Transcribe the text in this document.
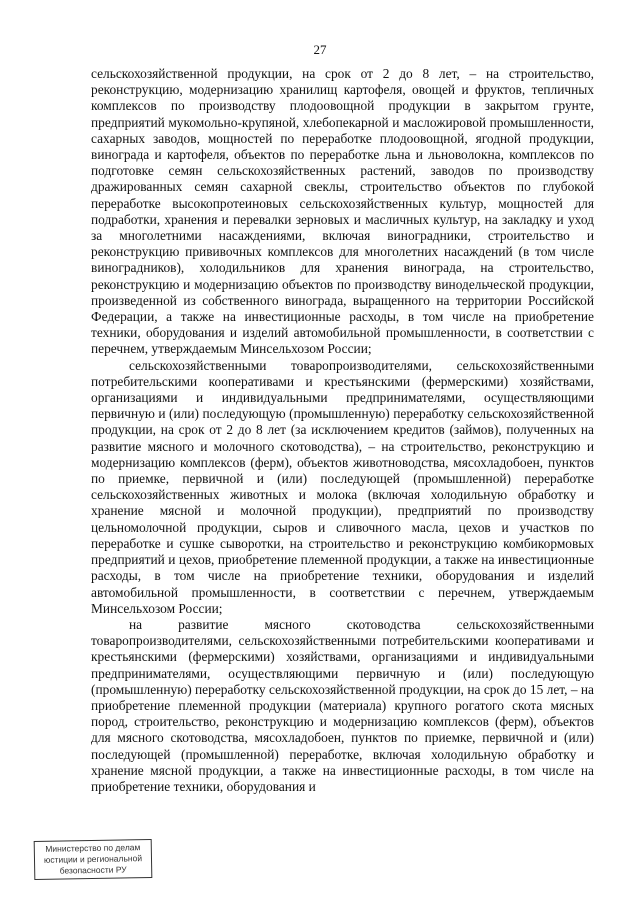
27

сельскохозяйственной продукции, на срок от 2 до 8 лет, – на строительство, реконструкцию, модернизацию хранилищ картофеля, овощей и фруктов, тепличных комплексов по производству плодоовощной продукции в закрытом грунте, предприятий мукомольно-крупяной, хлебопекарной и масложировой промышленности, сахарных заводов, мощностей по переработке плодоовощной, ягодной продукции, винограда и картофеля, объектов по переработке льна и льноволокна, комплексов по подготовке семян сельскохозяйственных растений, заводов по производству дражированных семян сахарной свеклы, строительство объектов по глубокой переработке высокопротеиновых сельскохозяйственных культур, мощностей для подработки, хранения и перевалки зерновых и масличных культур, на закладку и уход за многолетними насаждениями, включая виноградники, строительство и реконструкцию прививочных комплексов для многолетних насаждений (в том числе виноградников), холодильников для хранения винограда, на строительство, реконструкцию и модернизацию объектов по производству винодельческой продукции, произведенной из собственного винограда, выращенного на территории Российской Федерации, а также на инвестиционные расходы, в том числе на приобретение техники, оборудования и изделий автомобильной промышленности, в соответствии с перечнем, утверждаемым Минсельхозом России;

сельскохозяйственными товаропроизводителями, сельскохозяйственными потребительскими кооперативами и крестьянскими (фермерскими) хозяйствами, организациями и индивидуальными предпринимателями, осуществляющими первичную и (или) последующую (промышленную) переработку сельскохозяйственной продукции, на срок от 2 до 8 лет (за исключением кредитов (займов), полученных на развитие мясного и молочного скотоводства), – на строительство, реконструкцию и модернизацию комплексов (ферм), объектов животноводства, мясохладобоен, пунктов по приемке, первичной и (или) последующей (промышленной) переработке сельскохозяйственных животных и молока (включая холодильную обработку и хранение мясной и молочной продукции), предприятий по производству цельномолочной продукции, сыров и сливочного масла, цехов и участков по переработке и сушке сыворотки, на строительство и реконструкцию комбикормовых предприятий и цехов, приобретение племенной продукции, а также на инвестиционные расходы, в том числе на приобретение техники, оборудования и изделий автомобильной промышленности, в соответствии с перечнем, утверждаемым Минсельхозом России;

на развитие мясного скотоводства сельскохозяйственными товаропроизводителями, сельскохозяйственными потребительскими кооперативами и крестьянскими (фермерскими) хозяйствами, организациями и индивидуальными предпринимателями, осуществляющими первичную и (или) последующую (промышленную) переработку сельскохозяйственной продукции, на срок до 15 лет, – на приобретение племенной продукции (материала) крупного рогатого скота мясных пород, строительство, реконструкцию и модернизацию комплексов (ферм), объектов для мясного скотоводства, мясохладобоен, пунктов по приемке, первичной и (или) последующей (промышленной) переработке, включая холодильную обработку и хранение мясной продукции, а также на инвестиционные расходы, в том числе на приобретение техники, оборудования и

Министерство по делам
юстиции и региональной
безопасности РУ
